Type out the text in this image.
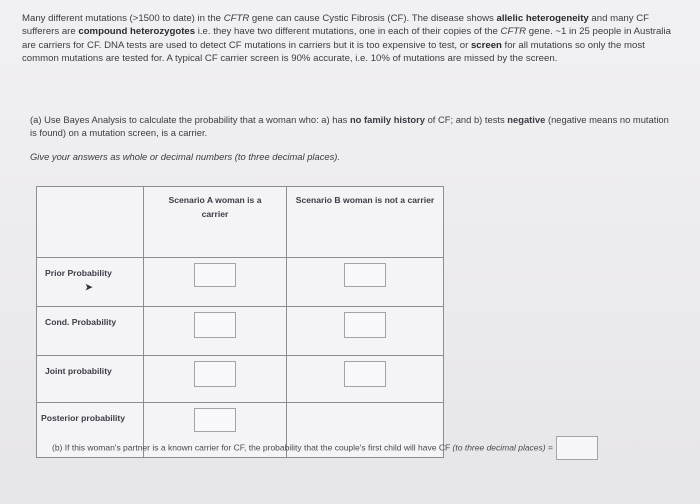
Many different mutations (>1500 to date) in the CFTR gene can cause Cystic Fibrosis (CF). The disease shows allelic heterogeneity and many CF sufferers are compound heterozygotes i.e. they have two different mutations, one in each of their copies of the CFTR gene. ~1 in 25 people in Australia are carriers for CF. DNA tests are used to detect CF mutations in carriers but it is too expensive to test, or screen for all mutations so only the most common mutations are tested for. A typical CF carrier screen is 90% accurate, i.e. 10% of mutations are missed by the screen.
(a) Use Bayes Analysis to calculate the probability that a woman who: a) has no family history of CF; and b) tests negative (negative means no mutation is found) on a mutation screen, is a carrier.
Give your answers as whole or decimal numbers (to three decimal places).

	Scenario A woman is a carrier	Scenario B woman is not a carrier

Prior Probability
➤		

Cond. Probability	

Joint probability	

Posterior probability	

(b) If this woman's partner is a known carrier for CF, the probability that the couple's first child will have CF (to three decimal places) =
